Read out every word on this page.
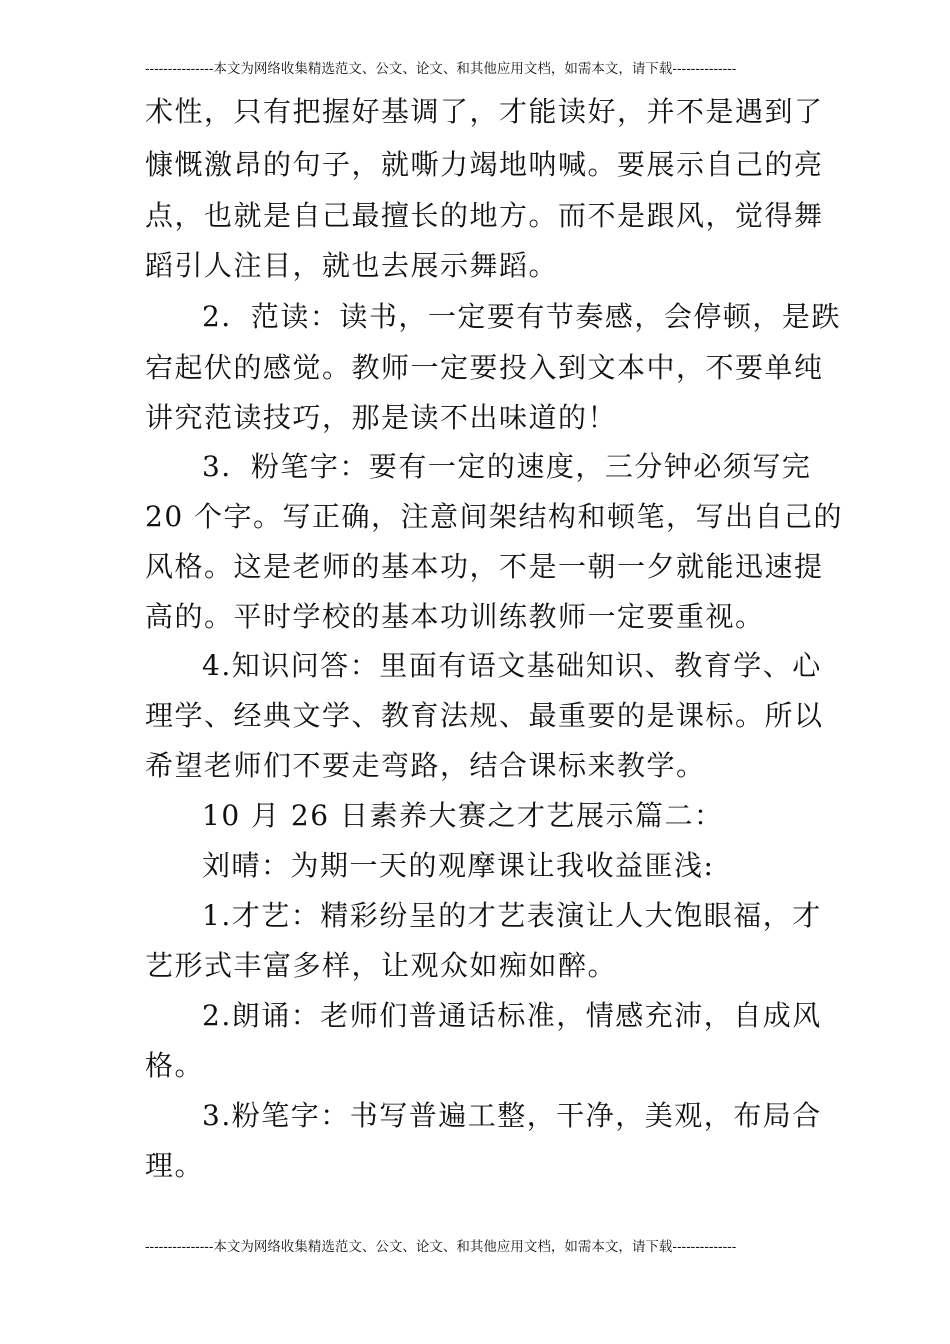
---------------本文为网络收集精选范文、公文、论文、和其他应用文档，如需本文，请下载--------------
术性，只有把握好基调了，才能读好，并不是遇到了
慷慨激昂的句子，就嘶力竭地呐喊。要展示自己的亮
点，也就是自己最擅长的地方。而不是跟风，觉得舞
蹈引人注目，就也去展示舞蹈。
2．范读：读书，一定要有节奏感，会停顿，是跌
宕起伏的感觉。教师一定要投入到文本中，不要单纯
讲究范读技巧，那是读不出味道的！
3．粉笔字：要有一定的速度，三分钟必须写完
20 个字。写正确，注意间架结构和顿笔，写出自己的
风格。这是老师的基本功，不是一朝一夕就能迅速提
高的。平时学校的基本功训练教师一定要重视。
4.知识问答：里面有语文基础知识、教育学、心
理学、经典文学、教育法规、最重要的是课标。所以
希望老师们不要走弯路，结合课标来教学。
10 月 26 日素养大赛之才艺展示篇二：
刘晴：为期一天的观摩课让我收益匪浅:
1.才艺：精彩纷呈的才艺表演让人大饱眼福，才
艺形式丰富多样，让观众如痴如醉。
2.朗诵：老师们普通话标准，情感充沛，自成风
格。
3.粉笔字：书写普遍工整，干净，美观，布局合
理。
---------------本文为网络收集精选范文、公文、论文、和其他应用文档，如需本文，请下载--------------
